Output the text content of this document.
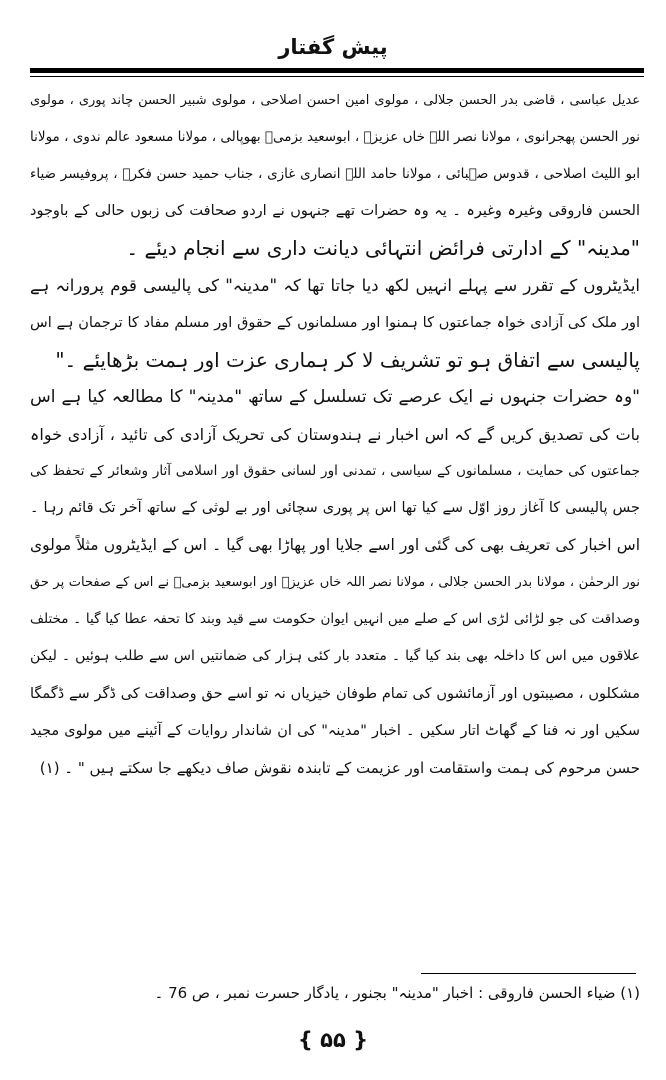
پیش گفتار
عدیل عباسی ، قاضی بدر الحسن جلالی ، مولوی امین احسن اصلاحی ، مولوی شبیر الحسن چاند پوری ، مولوی
نور الحسن پھجرانوی ، مولانا نصر اللہ خاں عزیزؔ ، ابوسعید بزمیؔ بھوپالی ، مولانا مسعود عالم ندوی ، مولانا
ابو اللیث اصلاحی ، قدوس صہبائی ، مولانا حامد اللہ انصاری غازی ، جناب حمید حسن فکرؔ ، پروفیسر ضیاء
الحسن فاروقی وغیرہ وغیرہ ۔ یہ وہ حضرات تھے جنہوں نے اردو صحافت کی زبوں حالی کے باوجود
"مدینہ" کے ادارتی فرائض انتہائی دیانت داری سے انجام دیئے ۔
ایڈیٹروں کے تقرر سے پہلے انہیں لکھ دیا جاتا تھا کہ "مدینہ" کی پالیسی قوم پرورانہ ہے
اور ملک کی آزادی خواہ جماعتوں کا ہمنوا اور مسلمانوں کے حقوق اور مسلم مفاد کا ترجمان ہے اس
پالیسی سے اتفاق ہو تو تشریف لا کر ہماری عزت اور ہمت بڑھایئے ۔"
"وہ حضرات جنہوں نے ایک عرصے تک تسلسل کے ساتھ "مدینہ" کا مطالعہ کیا ہے اس
بات کی تصدیق کریں گے کہ اس اخبار نے ہندوستان کی تحریک آزادی کی تائید ، آزادی خواہ
جماعتوں کی حمایت ، مسلمانوں کے سیاسی ، تمدنی اور لسانی حقوق اور اسلامی آثار وشعائر کے تحفظ کی
جس پالیسی کا آغاز روز اوّل سے کیا تھا اس پر پوری سچائی اور بے لوثی کے ساتھ آخر تک قائم رہا ۔
اس اخبار کی تعریف بھی کی گئی اور اسے جلایا اور پھاڑا بھی گیا ۔ اس کے ایڈیٹروں مثلاً مولوی
نور الرحمٰن ، مولانا بدر الحسن جلالی ، مولانا نصر اللہ خاں عزیزؔ اور ابوسعید بزمیؔ نے اس کے صفحات پر حق
وصداقت کی جو لڑائی لڑی اس کے صلے میں انہیں ایوان حکومت سے قید وبند کا تحفہ عطا کیا گیا ۔ مختلف
علاقوں میں اس کا داخلہ بھی بند کیا گیا ۔ متعدد بار کئی ہزار کی ضمانتیں اس سے طلب ہوئیں ۔ لیکن
مشکلوں ، مصیبتوں اور آزمائشوں کی تمام طوفان خیزیاں نہ تو اسے حق وصداقت کی ڈگر سے ڈگمگا
سکیں اور نہ فنا کے گھاٹ اتار سکیں ۔ اخبار "مدینہ" کی ان شاندار روایات کے آئینے میں مولوی مجید
حسن مرحوم کی ہمت واستقامت اور عزیمت کے تابندہ نقوش صاف دیکھے جا سکتے ہیں " ۔ (۱)
(۱) ضیاء الحسن فاروقی : اخبار "مدینہ" بجنور ، یادگار حسرت نمبر ، ص 76 ۔
{ ۵۵ }
